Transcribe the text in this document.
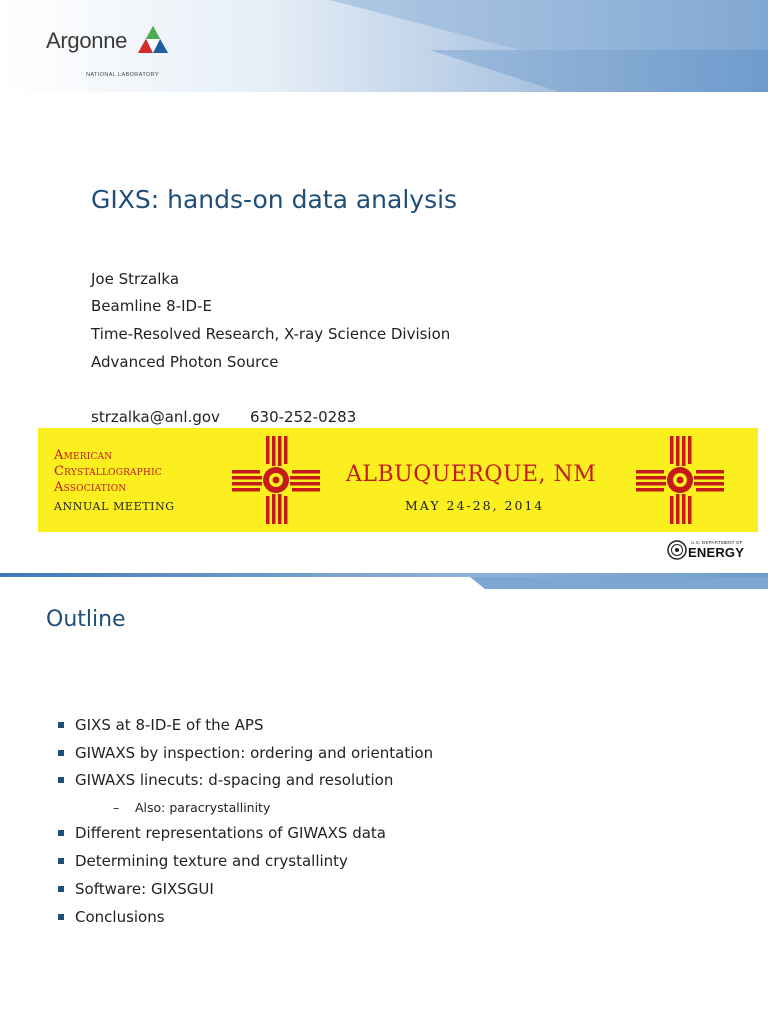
Argonne
NATIONAL LABORATORY
GIXS: hands-on data analysis
Joe Strzalka
Beamline 8-ID-E
Time-Resolved Research, X-ray Science Division
Advanced Photon Source
strzalka@anl.gov 630-252-0283
American
Crystallographic
Association
ANNUAL MEETING
ALBUQUERQUE, NM
MAY 24-28, 2014
U.S. DEPARTMENT OF
ENERGY
Outline
GIXS at 8-ID-E of the APS
GIWAXS by inspection: ordering and orientation
GIWAXS linecuts: d-spacing and resolution
– Also: paracrystallinity
Different representations of GIWAXS data
Determining texture and crystallinty
Software: GIXSGUI
Conclusions
